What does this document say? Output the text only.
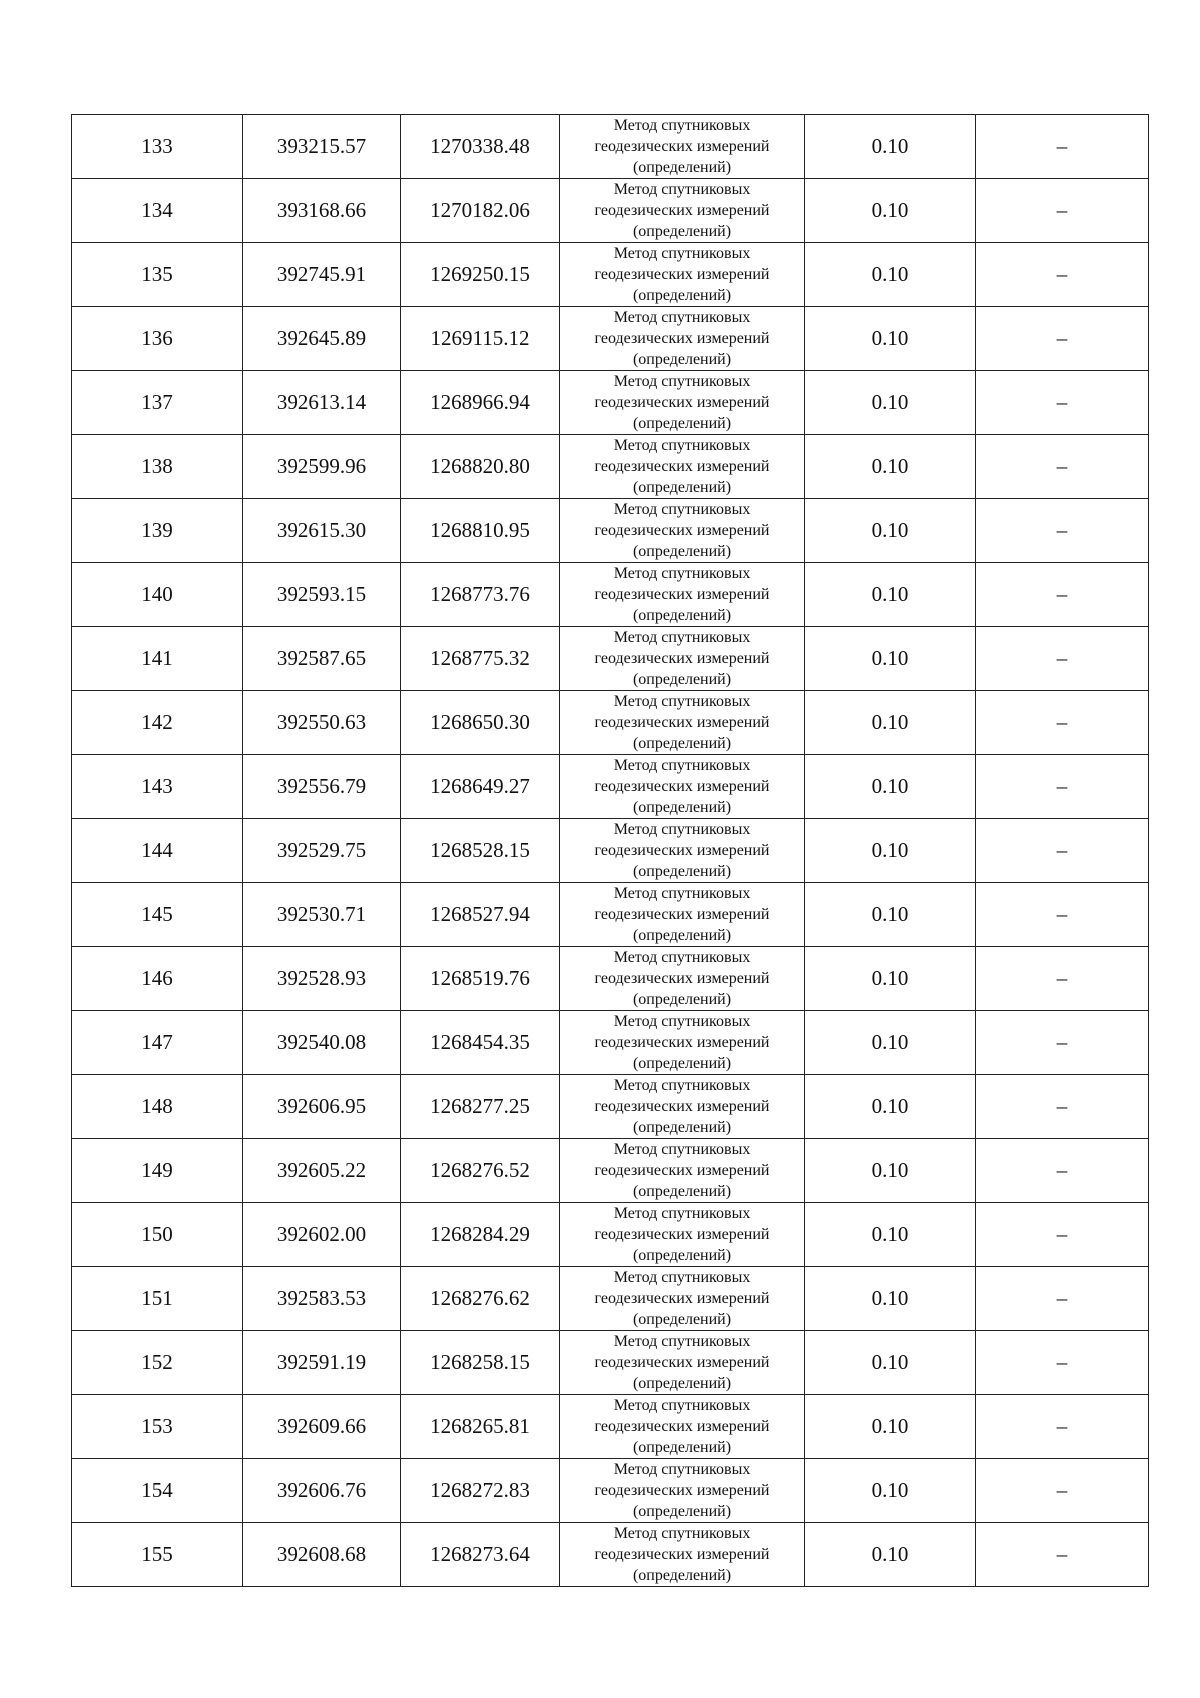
133	393215.57	1270338.48	Метод спутниковых
геодезических измерений
(определений)	0.10	–
134	393168.66	1270182.06	Метод спутниковых
геодезических измерений
(определений)	0.10	–
135	392745.91	1269250.15	Метод спутниковых
геодезических измерений
(определений)	0.10	–
136	392645.89	1269115.12	Метод спутниковых
геодезических измерений
(определений)	0.10	–
137	392613.14	1268966.94	Метод спутниковых
геодезических измерений
(определений)	0.10	–
138	392599.96	1268820.80	Метод спутниковых
геодезических измерений
(определений)	0.10	–
139	392615.30	1268810.95	Метод спутниковых
геодезических измерений
(определений)	0.10	–
140	392593.15	1268773.76	Метод спутниковых
геодезических измерений
(определений)	0.10	–
141	392587.65	1268775.32	Метод спутниковых
геодезических измерений
(определений)	0.10	–
142	392550.63	1268650.30	Метод спутниковых
геодезических измерений
(определений)	0.10	–
143	392556.79	1268649.27	Метод спутниковых
геодезических измерений
(определений)	0.10	–
144	392529.75	1268528.15	Метод спутниковых
геодезических измерений
(определений)	0.10	–
145	392530.71	1268527.94	Метод спутниковых
геодезических измерений
(определений)	0.10	–
146	392528.93	1268519.76	Метод спутниковых
геодезических измерений
(определений)	0.10	–
147	392540.08	1268454.35	Метод спутниковых
геодезических измерений
(определений)	0.10	–
148	392606.95	1268277.25	Метод спутниковых
геодезических измерений
(определений)	0.10	–
149	392605.22	1268276.52	Метод спутниковых
геодезических измерений
(определений)	0.10	–
150	392602.00	1268284.29	Метод спутниковых
геодезических измерений
(определений)	0.10	–
151	392583.53	1268276.62	Метод спутниковых
геодезических измерений
(определений)	0.10	–
152	392591.19	1268258.15	Метод спутниковых
геодезических измерений
(определений)	0.10	–
153	392609.66	1268265.81	Метод спутниковых
геодезических измерений
(определений)	0.10	–
154	392606.76	1268272.83	Метод спутниковых
геодезических измерений
(определений)	0.10	–
155	392608.68	1268273.64	Метод спутниковых
геодезических измерений
(определений)	0.10	–
